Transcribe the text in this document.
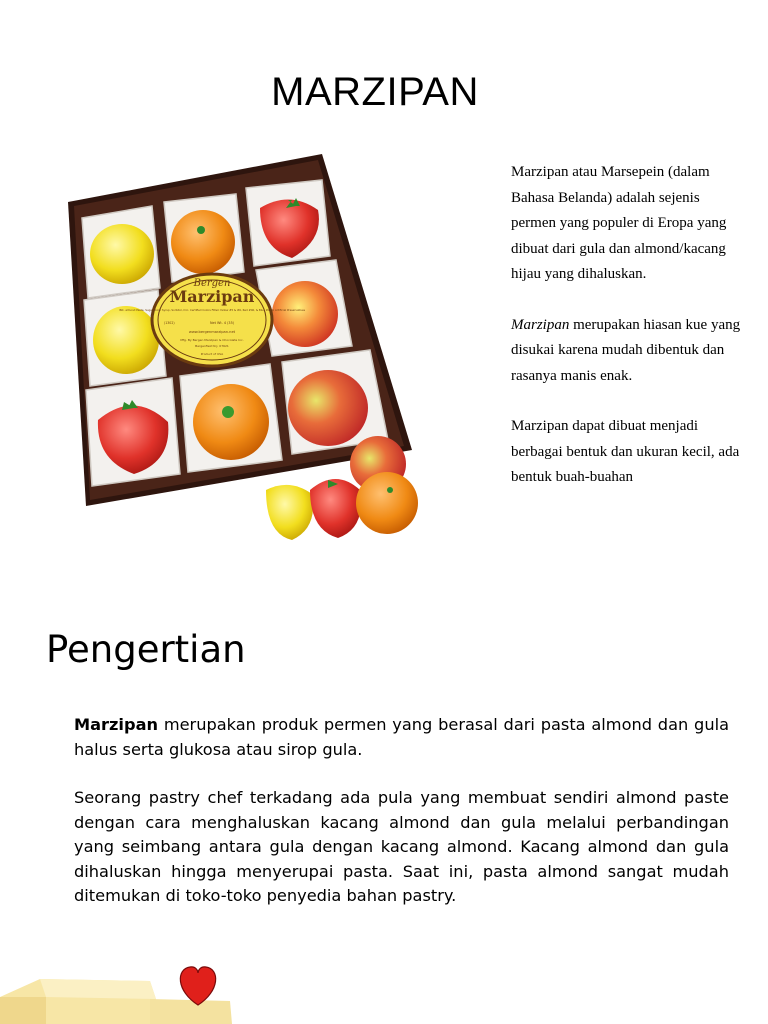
MARZIPAN
Bergen
Marzipan
INC. almond Paste, Sugar, Corn Syrup, Sorbitol, D.C. Certified Colors FD&C Yellow #5 & #6, Red #40, & Blue #1 No Artificial Preservatives
(1302)	Net Wt. 4 (35)
www.bergenmarzipan.net
Mfg. By Bergen Marzipan & Chocolate Inc.
Bergenfield N.J. 07621
Product of USA

Marzipan atau Marsepein (dalam Bahasa Belanda) adalah sejenis permen yang populer di Eropa yang dibuat dari gula dan almond/kacang hijau yang dihaluskan.

Marzipan merupakan hiasan kue yang disukai karena mudah dibentuk dan rasanya manis enak.

Marzipan dapat dibuat menjadi berbagai bentuk dan ukuran kecil, ada bentuk buah-buahan

Pengertian

Marzipan merupakan produk permen yang berasal dari pasta almond dan gula halus serta glukosa atau sirop gula.

Seorang pastry chef terkadang ada pula yang membuat sendiri almond paste dengan cara menghaluskan kacang almond dan gula melalui perbandingan yang seimbang antara gula dengan kacang almond. Kacang almond dan gula dihaluskan hingga menyerupai pasta. Saat ini, pasta almond sangat mudah ditemukan di toko-toko penyedia bahan pastry.
